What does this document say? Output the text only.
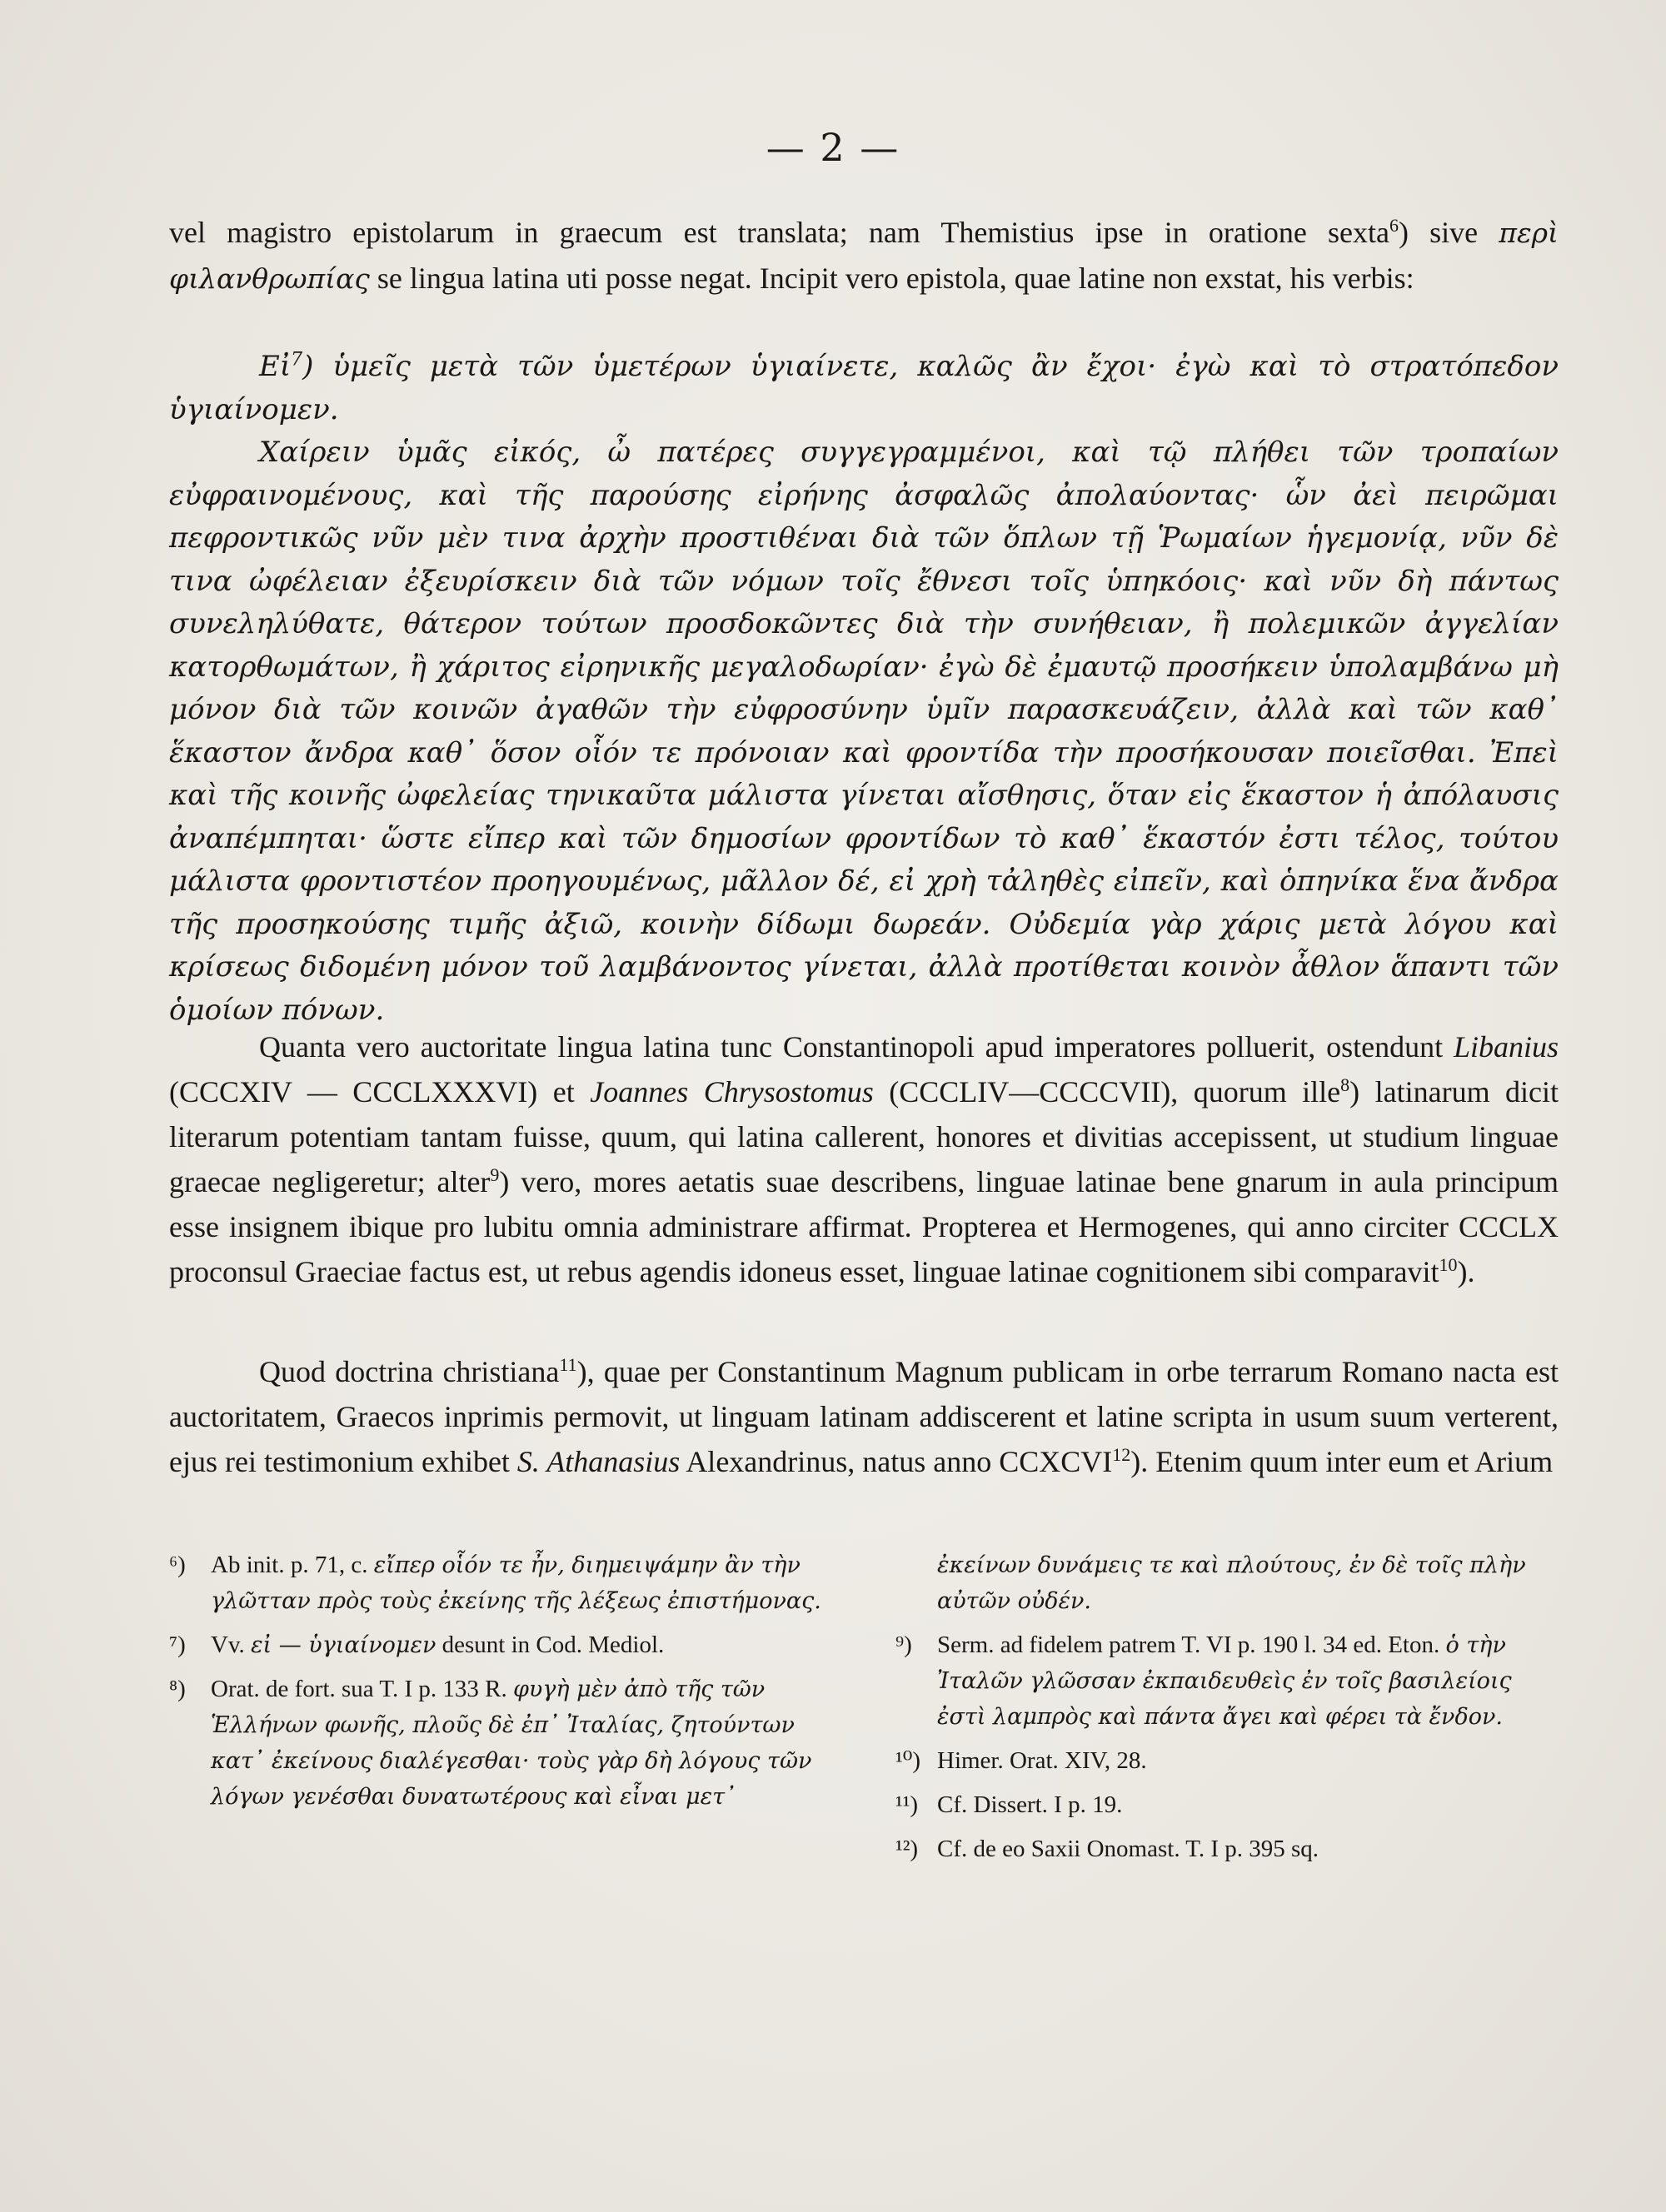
— 2 —

vel magistro epistolarum in graecum est translata; nam Themistius ipse in oratione sexta$^6$) sive περὶ φιλανθρωπίας se lingua latina uti posse negat. Incipit vero epistola, quae latine non exstat, his verbis:

Εἰ$^7$) ὑμεῖς μετὰ τῶν ὑμετέρων ὑγιαίνετε, καλῶς ἂν ἔχοι· ἐγὼ καὶ τὸ στρατόπεδον ὑγιαίνομεν.

Χαίρειν ὑμᾶς εἰκός, ὦ πατέρες συγγεγραμμένοι, καὶ τῷ πλήθει τῶν τροπαίων εὐφραινομένους, καὶ τῆς παρούσης εἰρήνης ἀσφαλῶς ἀπολαύοντας· ὧν ἀεὶ πειρῶμαι πεφροντικῶς νῦν μὲν τινα ἀρχὴν προστιθέναι διὰ τῶν ὅπλων τῇ Ῥωμαίων ἡγεμονίᾳ, νῦν δὲ τινα ὠφέλειαν ἐξευρίσκειν διὰ τῶν νόμων τοῖς ἔθνεσι τοῖς ὑπηκόοις· καὶ νῦν δὴ πάντως συνεληλύθατε, θάτερον τούτων προσδοκῶντες διὰ τὴν συνήθειαν, ἢ πολεμικῶν ἀγγελίαν κατορθωμάτων, ἢ χάριτος εἰρηνικῆς μεγαλοδωρίαν· ἐγὼ δὲ ἐμαυτῷ προσήκειν ὑπολαμβάνω μὴ μόνον διὰ τῶν κοινῶν ἀγαθῶν τὴν εὐφροσύνην ὑμῖν παρασκευάζειν, ἀλλὰ καὶ τῶν καθ᾽ ἕκαστον ἄνδρα καθ᾽ ὅσον οἷόν τε πρόνοιαν καὶ φροντίδα τὴν προσήκουσαν ποιεῖσθαι. Ἐπεὶ καὶ τῆς κοινῆς ὠφελείας τηνικαῦτα μάλιστα γίνεται αἴσθησις, ὅταν εἰς ἕκαστον ἡ ἀπόλαυσις ἀναπέμπηται· ὥστε εἴπερ καὶ τῶν δημοσίων φροντίδων τὸ καθ᾽ ἕκαστόν ἐστι τέλος, τούτου μάλιστα φροντιστέον προηγουμένως, μᾶλλον δέ, εἰ χρὴ τἀληθὲς εἰπεῖν, καὶ ὁπηνίκα ἕνα ἄνδρα τῆς προσηκούσης τιμῆς ἀξιῶ, κοινὴν δίδωμι δωρεάν. Οὐδεμία γὰρ χάρις μετὰ λόγου καὶ κρίσεως διδομένη μόνον τοῦ λαμβάνοντος γίνεται, ἀλλὰ προτίθεται κοινὸν ἆθλον ἅπαντι τῶν ὁμοίων πόνων.

Quanta vero auctoritate lingua latina tunc Constantinopoli apud imperatores polluerit, ostendunt Libanius (CCCXIV — CCCLXXXVI) et Joannes Chrysostomus (CCCLIV—CCCCVII), quorum ille$^8$) latinarum dicit literarum potentiam tantam fuisse, quum, qui latina callerent, honores et divitias accepissent, ut studium linguae graecae negligeretur; alter$^9$) vero, mores aetatis suae describens, linguae latinae bene gnarum in aula principum esse insignem ibique pro lubitu omnia administrare affirmat. Propterea et Hermogenes, qui anno circiter CCCLX proconsul Graeciae factus est, ut rebus agendis idoneus esset, linguae latinae cognitionem sibi comparavit$^{10}$).

Quod doctrina christiana$^{11}$), quae per Constantinum Magnum publicam in orbe terrarum Romano nacta est auctoritatem, Graecos inprimis permovit, ut linguam latinam addiscerent et latine scripta in usum suum verterent, ejus rei testimonium exhibet S. Athanasius Alexandrinus, natus anno CCXCVI$^{12}$). Etenim quum inter eum et Arium

⁶) Ab init. p. 71, c. εἴπερ οἷόν τε ἦν, διημειψάμην ἂν τὴν γλῶτταν πρὸς τοὺς ἐκείνης τῆς λέξεως ἐπιστήμονας.
⁷) Vv. εἰ — ὑγιαίνομεν desunt in Cod. Mediol.
⁸) Orat. de fort. sua T. I p. 133 R. φυγὴ μὲν ἀπὸ τῆς τῶν Ἑλλήνων φωνῆς, πλοῦς δὲ ἐπ᾽ Ἰταλίας, ζητούντων κατ᾽ ἐκείνους διαλέγεσθαι· τοὺς γὰρ δὴ λόγους τῶν λόγων γενέσθαι δυνατωτέρους καὶ εἶναι μετ᾽
ἐκείνων δυνάμεις τε καὶ πλούτους, ἐν δὲ τοῖς πλὴν αὐτῶν οὐδέν.
⁹) Serm. ad fidelem patrem T. VI p. 190 l. 34 ed. Eton. ὁ τὴν Ἰταλῶν γλῶσσαν ἐκπαιδευθεὶς ἐν τοῖς βασιλείοις ἐστὶ λαμπρὸς καὶ πάντα ἄγει καὶ φέρει τὰ ἔνδον.
¹⁰) Himer. Orat. XIV, 28.
¹¹) Cf. Dissert. I p. 19.
¹²) Cf. de eo Saxii Onomast. T. I p. 395 sq.
